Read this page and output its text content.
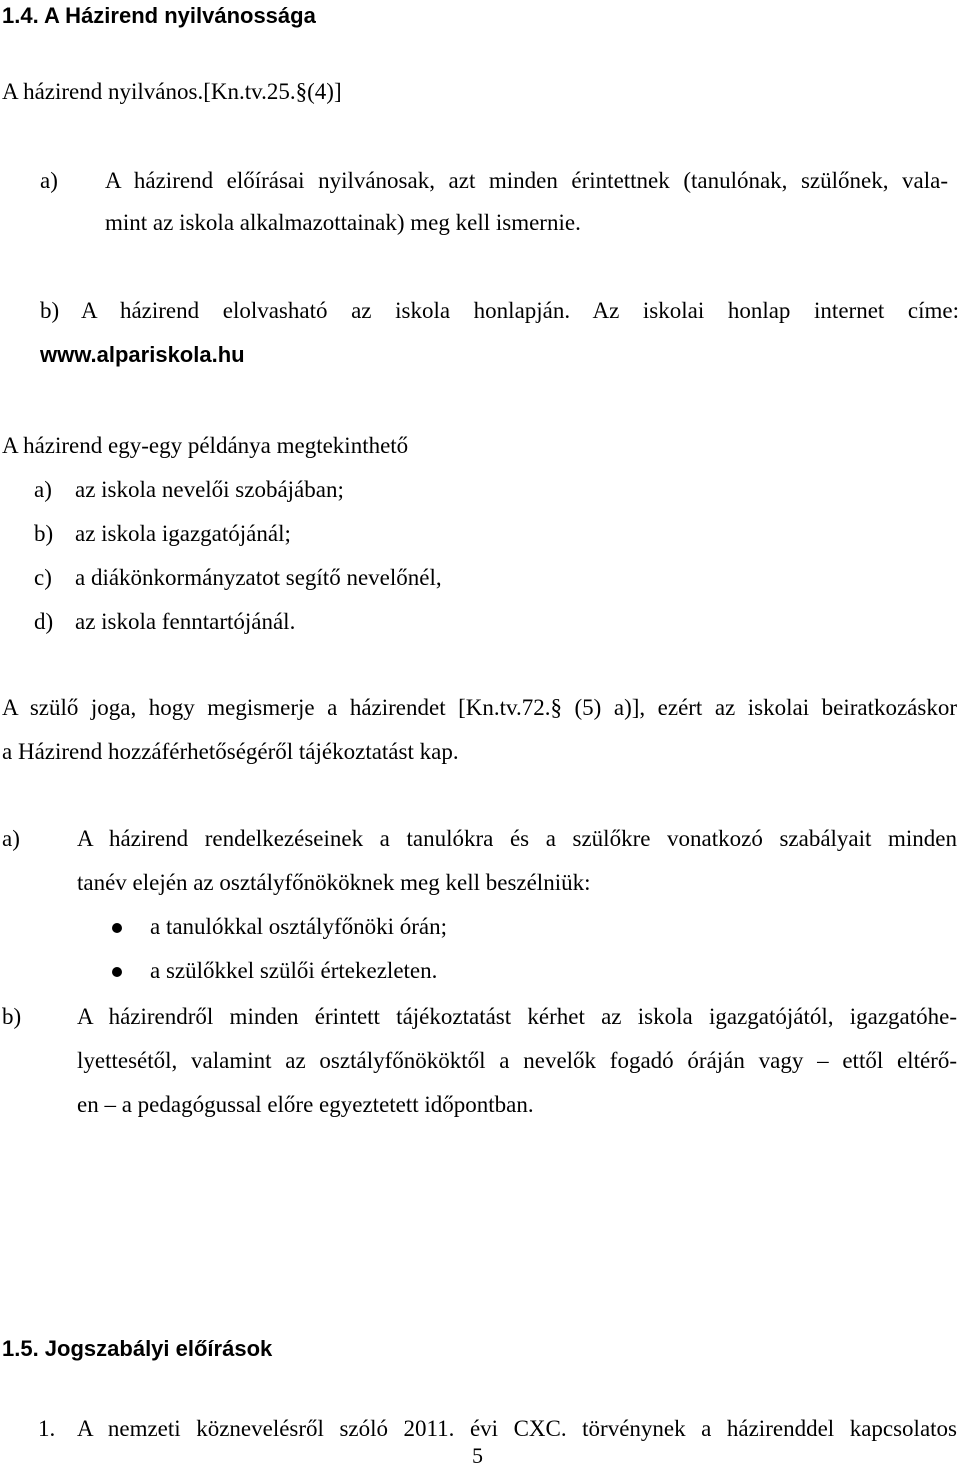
1.4. A Házirend nyilvánossága
A házirend nyilvános.[Kn.tv.25.§(4)]
a) A házirend előírásai nyilvánosak, azt minden érintettnek (tanulónak, szülőnek, vala-
mint az iskola alkalmazottainak) meg kell ismernie.
b) A házirend elolvasható az iskola honlapján. Az iskolai honlap internet címe:
www.alpariskola.hu
A házirend egy-egy példánya megtekinthető
a) az iskola nevelői szobájában;
b) az iskola igazgatójánál;
c) a diákönkormányzatot segítő nevelőnél,
d) az iskola fenntartójánál.
A szülő joga, hogy megismerje a házirendet [Kn.tv.72.§ (5) a)], ezért az iskolai beiratkozáskor
a Házirend hozzáférhetőségéről tájékoztatást kap.
a) A házirend rendelkezéseinek a tanulókra és a szülőkre vonatkozó szabályait minden
tanév elején az osztályfőnököknek meg kell beszélniük:
a tanulókkal osztályfőnöki órán;
a szülőkkel szülői értekezleten.
b) A házirendről minden érintett tájékoztatást kérhet az iskola igazgatójától, igazgatóhe-
lyettesétől, valamint az osztályfőnököktől a nevelők fogadó óráján vagy – ettől eltérő-
en – a pedagógussal előre egyeztetett időpontban.
1.5. Jogszabályi előírások
1. A nemzeti köznevelésről szóló 2011. évi CXC. törvénynek a házirenddel kapcsolatos
5
